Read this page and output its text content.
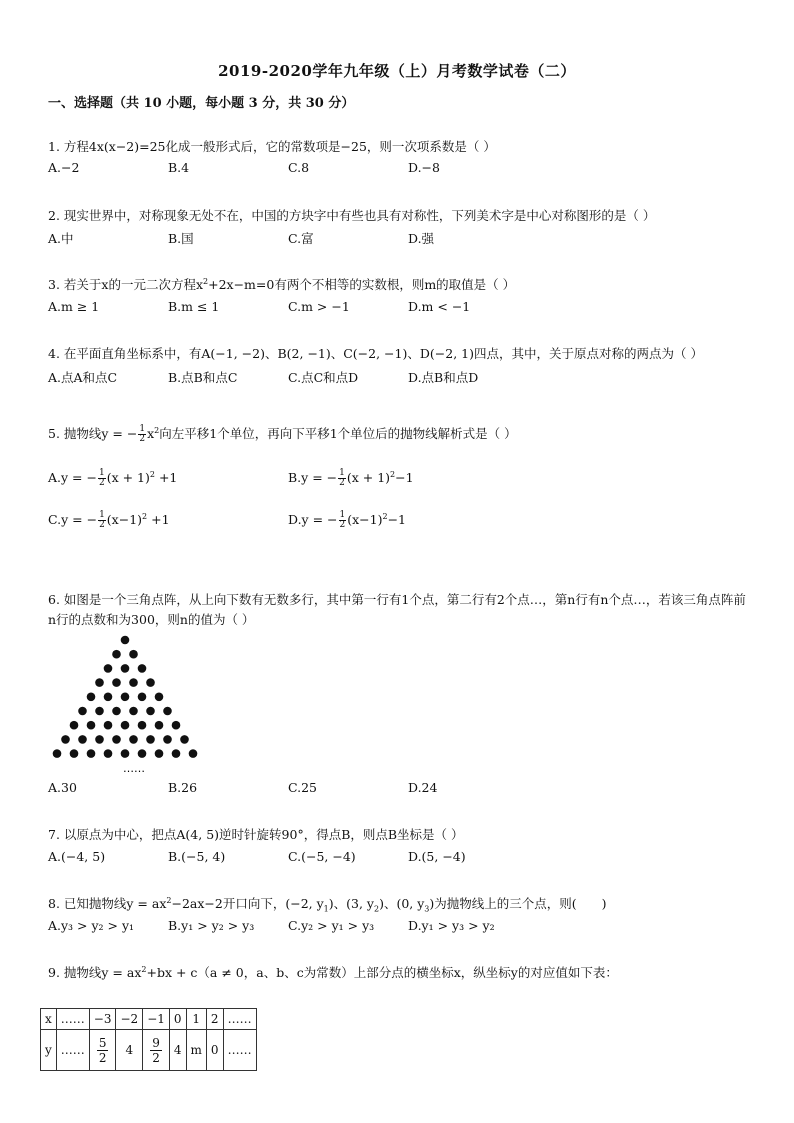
2019-2020学年九年级（上）月考数学试卷（二）
一、选择题（共 10 小题，每小题 3 分，共 30 分）
1. 方程4x(x−2)=25化成一般形式后，它的常数项是−25，则一次项系数是（ ）
A.−2	B.4	C.8	D.−8
2. 现实世界中，对称现象无处不在，中国的方块字中有些也具有对称性，下列美术字是中心对称图形的是（ ）
A.中	B.国	C.富	D.强
3. 若关于x的一元二次方程$x^2+2x-m=0$有两个不相等的实数根，则m的取值是（ ）
A.m ≥ 1	B.m ≤ 1	C.m > −1	D.m < −1
4. 在平面直角坐标系中，有A(−1, −2)、B(2, −1)、C(−2, −1)、D(−2, 1)四点，其中，关于原点对称的两点为（ ）
A.点A和点C	B.点B和点C	C.点C和点D	D.点B和点D
5. 抛物线y = − $\frac{1}{2} x^2$向左平移1个单位，再向下平移1个单位后的抛物线解析式是（ ）
A.y = − $\frac{1}{2} (x + 1)^2 +1$	B.y = − $\frac{1}{2} (x + 1)^2-1$
C.y = − $\frac{1}{2} (x-1)^2 +1$	D.y = − $\frac{1}{2} (x-1)^2-1$
6. 如图是一个三角点阵，从上向下数有无数多行，其中第一行有1个点，第二行有2个点…，第n行有n个点…，若该三角点阵前n行的点数和为300，则n的值为（ ）
……
A.30	B.26	C.25	D.24
7. 以原点为中心，把点A(4, 5)逆时针旋转90°，得点B，则点B坐标是（ ）
A.(−4, 5)	B.(−5, 4)	C.(−5, −4)	D.(5, −4)
8. 已知抛物线$y = ax^2-2ax-2$开口向下，(−2, $y_1$)、(3, $y_2$)、(0, $y_3$)为抛物线上的三个点，则(　　)
A.y₃ > y₂ > y₁	B.y₁ > y₂ > y₃	C.y₂ > y₁ > y₃	D.y₁ > y₃ > y₂
9. 抛物线$y = ax^2+bx + c(a \ne 0$，a、b、c为常数）上部分点的横坐标x，纵坐标y的对应值如下表：
x	……	−3	−2	−1	0	1	2	……
y	……	$\frac{5}{2}$	4	$\frac{9}{2}$	4	m	0	……
